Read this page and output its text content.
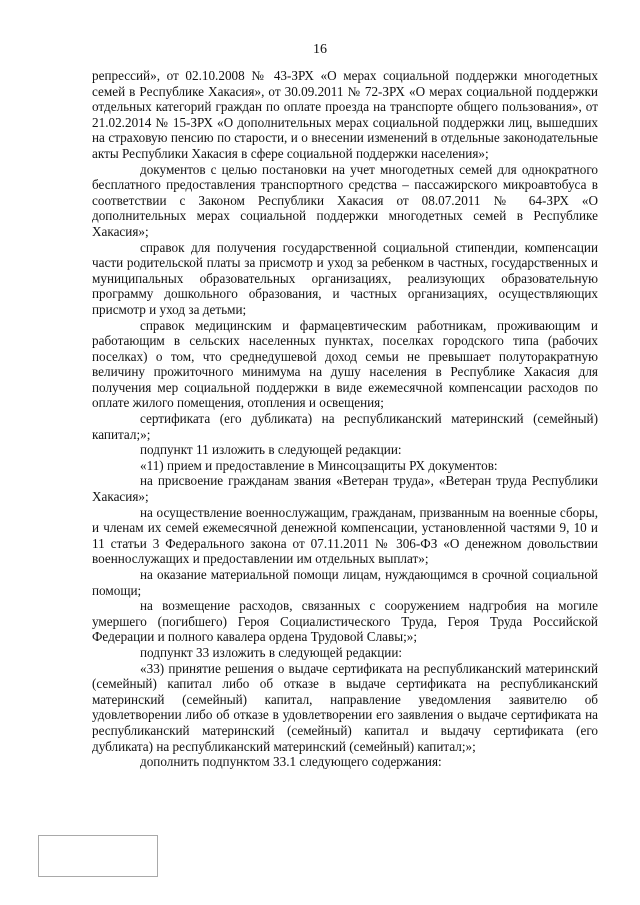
16

репрессий», от 02.10.2008 № 43-ЗРХ «О мерах социальной поддержки многодетных семей в Республике Хакасия», от 30.09.2011 № 72-ЗРХ «О мерах социальной поддержки отдельных категорий граждан по оплате проезда на транспорте общего пользования», от 21.02.2014 № 15-ЗРХ «О дополнительных мерах социальной поддержки лиц, вышедших на страховую пенсию по старости, и о внесении изменений в отдельные законодательные акты Республики Хакасия в сфере социальной поддержки населения»;

документов с целью постановки на учет многодетных семей для однократного бесплатного предоставления транспортного средства – пассажирского микроавтобуса в соответствии с Законом Республики Хакасия от 08.07.2011 № 64-ЗРХ «О дополнительных мерах социальной поддержки многодетных семей в Республике Хакасия»;

справок для получения государственной социальной стипендии, компенсации части родительской платы за присмотр и уход за ребенком в частных, государственных и муниципальных образовательных организациях, реализующих образовательную программу дошкольного образования, и частных организациях, осуществляющих присмотр и уход за детьми;

справок медицинским и фармацевтическим работникам, проживающим и работающим в сельских населенных пунктах, поселках городского типа (рабочих поселках) о том, что среднедушевой доход семьи не превышает полуторакратную величину прожиточного минимума на душу населения в Республике Хакасия для получения мер социальной поддержки в виде ежемесячной компенсации расходов по оплате жилого помещения, отопления и освещения;

сертификата (его дубликата) на республиканский материнский (семейный) капитал;»;

подпункт 11 изложить в следующей редакции:

«11) прием и предоставление в Минсоцзащиты РХ документов:

на присвоение гражданам звания «Ветеран труда», «Ветеран труда Республики Хакасия»;

на осуществление военнослужащим, гражданам, призванным на военные сборы, и членам их семей ежемесячной денежной компенсации, установленной частями 9, 10 и 11 статьи 3 Федерального закона от 07.11.2011 № 306-ФЗ «О денежном довольствии военнослужащих и предоставлении им отдельных выплат»;

на оказание материальной помощи лицам, нуждающимся в срочной социальной помощи;

на возмещение расходов, связанных с сооружением надгробия на могиле умершего (погибшего) Героя Социалистического Труда, Героя Труда Российской Федерации и полного кавалера ордена Трудовой Славы;»;

подпункт 33 изложить в следующей редакции:

«33) принятие решения о выдаче сертификата на республиканский материнский (семейный) капитал либо об отказе в выдаче сертификата на республиканский материнский (семейный) капитал, направление уведомления заявителю об удовлетворении либо об отказе в удовлетворении его заявления о выдаче сертификата на республиканский материнский (семейный) капитал и выдачу сертификата (его дубликата) на республиканский материнский (семейный) капитал;»;

дополнить подпунктом 33.1 следующего содержания:
